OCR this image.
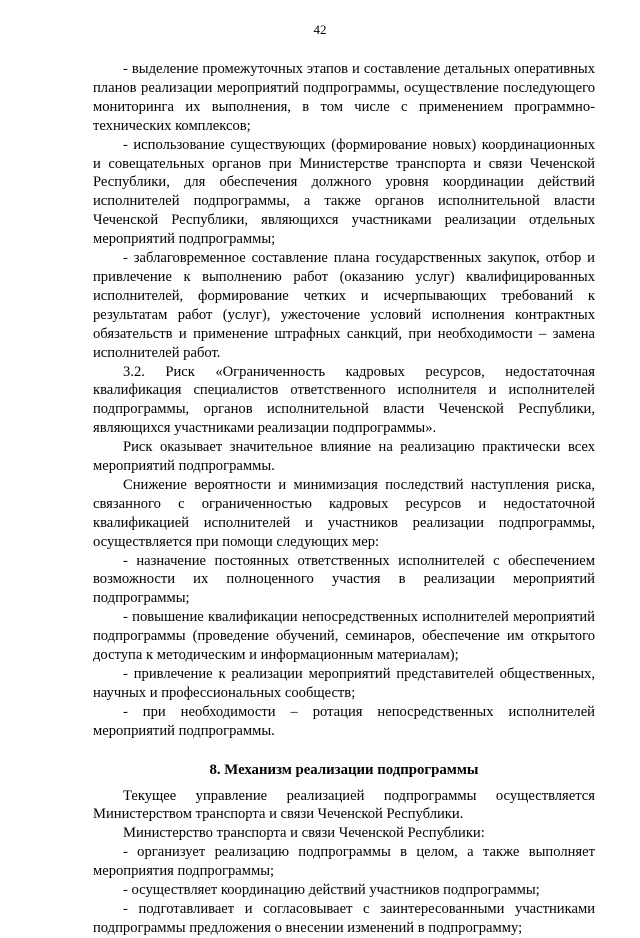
42

- выделение промежуточных этапов и составление детальных оперативных планов реализации мероприятий подпрограммы, осуществление последующего мониторинга их выполнения, в том числе с применением программно-технических комплексов;

- использование существующих (формирование новых) координационных и совещательных органов при Министерстве транспорта и связи Чеченской Республики, для обеспечения должного уровня координации действий исполнителей подпрограммы, а также органов исполнительной власти Чеченской Республики, являющихся участниками реализации отдельных мероприятий подпрограммы;

- заблаговременное составление плана государственных закупок, отбор и привлечение к выполнению работ (оказанию услуг) квалифицированных исполнителей, формирование четких и исчерпывающих требований к результатам работ (услуг), ужесточение условий исполнения контрактных обязательств и применение штрафных санкций, при необходимости – замена исполнителей работ.

3.2. Риск «Ограниченность кадровых ресурсов, недостаточная квалификация специалистов ответственного исполнителя и исполнителей подпрограммы, органов исполнительной власти Чеченской Республики, являющихся участниками реализации подпрограммы».

Риск оказывает значительное влияние на реализацию практически всех мероприятий подпрограммы.

Снижение вероятности и минимизация последствий наступления риска, связанного с ограниченностью кадровых ресурсов и недостаточной квалификацией исполнителей и участников реализации подпрограммы, осуществляется при помощи следующих мер:

- назначение постоянных ответственных исполнителей с обеспечением возможности их полноценного участия в реализации мероприятий подпрограммы;

- повышение квалификации непосредственных исполнителей мероприятий подпрограммы (проведение обучений, семинаров, обеспечение им открытого доступа к методическим и информационным материалам);

- привлечение к реализации мероприятий представителей общественных, научных и профессиональных сообществ;

- при необходимости – ротация непосредственных исполнителей мероприятий подпрограммы.

8. Механизм реализации подпрограммы

Текущее управление реализацией подпрограммы осуществляется Министерством транспорта и связи Чеченской Республики.

Министерство транспорта и связи Чеченской Республики:

- организует реализацию подпрограммы в целом, а также выполняет мероприятия подпрограммы;

- осуществляет координацию действий участников подпрограммы;

- подготавливает и согласовывает с заинтересованными участниками подпрограммы предложения о внесении изменений в подпрограмму;
